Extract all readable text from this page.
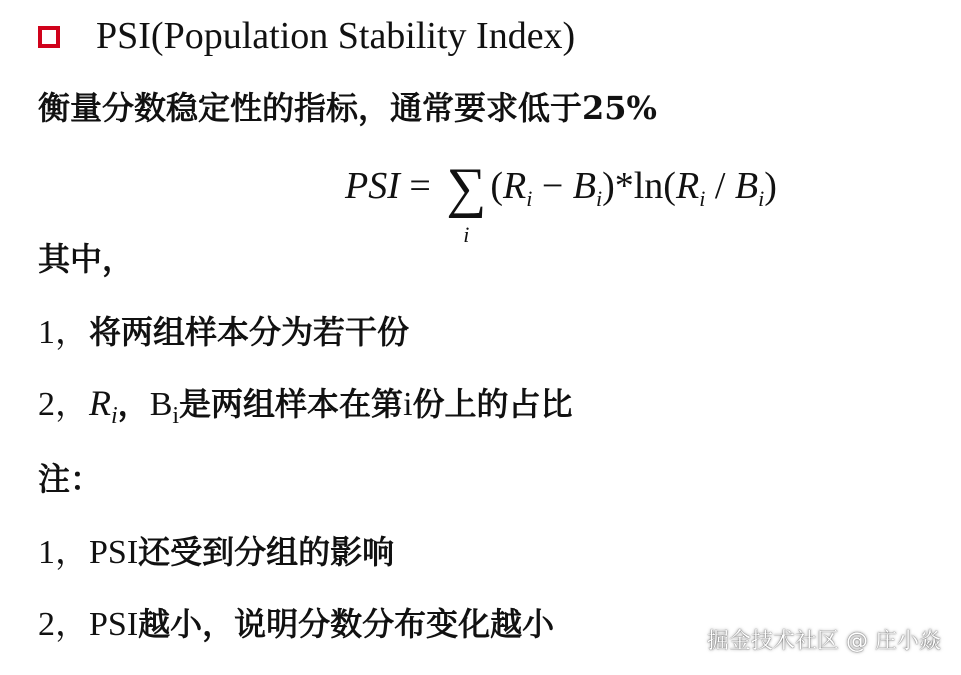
PSI(Population Stability Index)
衡量分数稳定性的指标，通常要求低于25%
PSI = ∑
i
$(R_i - B_i)*\ln(R_i / B_i)$
其中，
1，将两组样本分为若干份
2，$R_i$，$B_i$是两组样本在第i份上的占比
注：
1，PSI还受到分组的影响
2，PSI越小，说明分数分布变化越小	掘金技术社区 @ 庄小焱
